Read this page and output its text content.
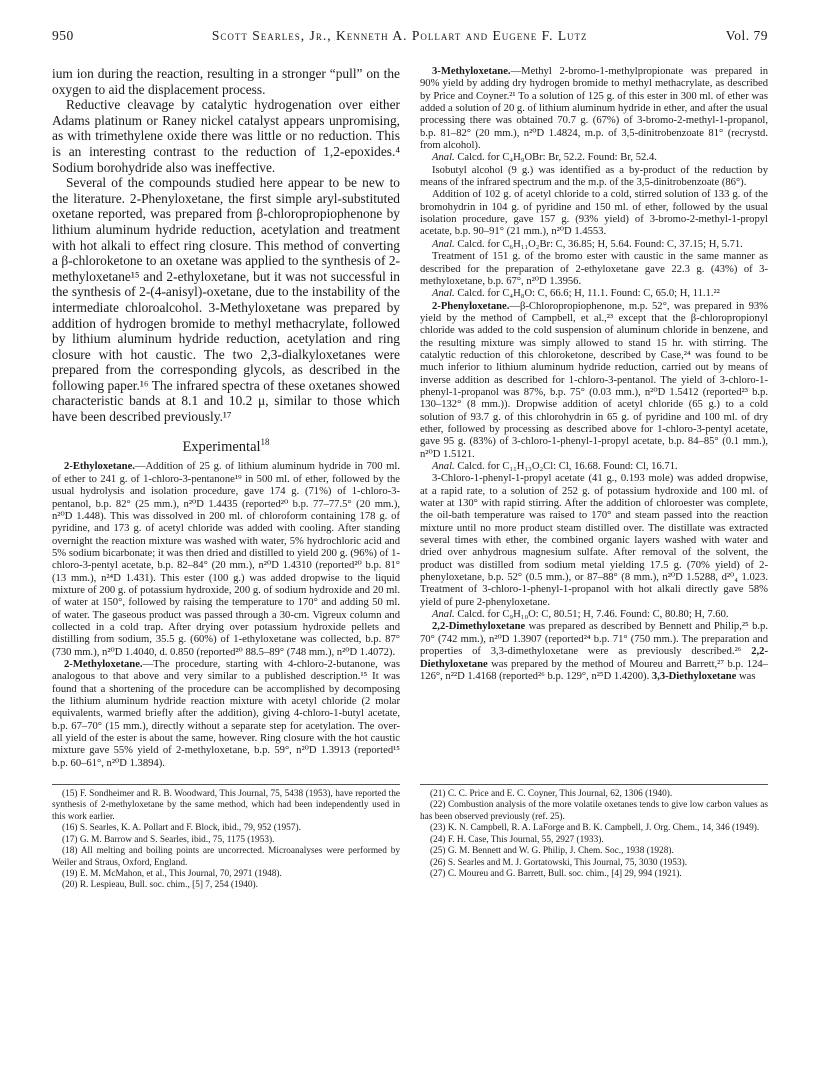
950	Scott Searles, Jr., Kenneth A. Pollart and Eugene F. Lutz	Vol. 79

ium ion during the reaction, resulting in a stronger “pull” on the oxygen to aid the displacement process.

Reductive cleavage by catalytic hydrogenation over either Adams platinum or Raney nickel catalyst appears unpromising, as with trimethylene oxide there was little or no reduction. This is an interesting contrast to the reduction of 1,2-epoxides.⁴ Sodium borohydride also was ineffective.

Several of the compounds studied here appear to be new to the literature. 2-Phenyloxetane, the first simple aryl-substituted oxetane reported, was prepared from β-chloropropiophenone by lithium aluminum hydride reduction, acetylation and treatment with hot alkali to effect ring closure. This method of converting a β-chloroketone to an oxetane was applied to the synthesis of 2-methyloxetane¹⁵ and 2-ethyloxetane, but it was not successful in the synthesis of 2-(4-anisyl)-oxetane, due to the instability of the intermediate chloroalcohol. 3-Methyloxetane was prepared by addition of hydrogen bromide to methyl methacrylate, followed by lithium aluminum hydride reduction, acetylation and ring closure with hot caustic. The two 2,3-dialkyloxetanes were prepared from the corresponding glycols, as described in the following paper.¹⁶ The infrared spectra of these oxetanes showed characteristic bands at 8.1 and 10.2 μ, similar to those which have been described previously.¹⁷

Experimental$^{18}$

2-Ethyloxetane.—Addition of 25 g. of lithium aluminum hydride in 700 ml. of ether to 241 g. of 1-chloro-3-pentanone¹⁹ in 500 ml. of ether, followed by the usual hydrolysis and isolation procedure, gave 174 g. (71%) of 1-chloro-3-pentanol, b.p. 82° (25 mm.), n²⁰D 1.4435 (reported²⁰ b.p. 77–77.5° (20 mm.), n²⁰D 1.448). This was dissolved in 200 ml. of chloroform containing 178 g. of pyridine, and 173 g. of acetyl chloride was added with cooling. After standing overnight the reaction mixture was washed with water, 5% hydrochloric acid and 5% sodium bicarbonate; it was then dried and distilled to yield 200 g. (96%) of 1-chloro-3-pentyl acetate, b.p. 82–84° (20 mm.), n²⁰D 1.4310 (reported²⁰ b.p. 81° (13 mm.), n²⁴D 1.431). This ester (100 g.) was added dropwise to the liquid mixture of 200 g. of potassium hydroxide, 200 g. of sodium hydroxide and 20 ml. of water at 150°, followed by raising the temperature to 170° and adding 50 ml. of water. The gaseous product was passed through a 30-cm. Vigreux column and collected in a cold trap. After drying over potassium hydroxide pellets and distilling from sodium, 35.5 g. (60%) of 1-ethyloxetane was collected, b.p. 87° (730 mm.), n²⁰D 1.4040, d. 0.850 (reported²⁰ 88.5–89° (748 mm.), n²⁰D 1.4072).

2-Methyloxetane.—The procedure, starting with 4-chloro-2-butanone, was analogous to that above and very similar to a published description.¹⁵ It was found that a shortening of the procedure can be accomplished by decomposing the lithium aluminum hydride reaction mixture with acetyl chloride (2 molar equivalents, warmed briefly after the addition), giving 4-chloro-1-butyl acetate, b.p. 67–70° (15 mm.), directly without a separate step for acetylation. The over-all yield of the ester is about the same, however. Ring closure with the hot caustic mixture gave 55% yield of 2-methyloxetane, b.p. 59°, n²⁰D 1.3913 (reported¹⁵ b.p. 60–61°, n²⁰D 1.3894).

3-Methyloxetane.—Methyl 2-bromo-1-methylpropionate was prepared in 90% yield by adding dry hydrogen bromide to methyl methacrylate, as described by Price and Coyner.²¹ To a solution of 125 g. of this ester in 300 ml. of ether was added a solution of 20 g. of lithium aluminum hydride in ether, and after the usual processing there was obtained 70.7 g. (67%) of 3-bromo-2-methyl-1-propanol, b.p. 81–82° (20 mm.), n²⁰D 1.4824, m.p. of 3,5-dinitrobenzoate 81° (recrystd. from alcohol).

Anal. Calcd. for C₄H₉OBr: Br, 52.2. Found: Br, 52.4.

Isobutyl alcohol (9 g.) was identified as a by-product of the reduction by means of the infrared spectrum and the m.p. of the 3,5-dinitrobenzoate (86°).

Addition of 102 g. of acetyl chloride to a cold, stirred solution of 133 g. of the bromohydrin in 104 g. of pyridine and 150 ml. of ether, followed by the usual isolation procedure, gave 157 g. (93% yield) of 3-bromo-2-methyl-1-propyl acetate, b.p. 90–91° (21 mm.), n²⁰D 1.4553.

Anal. Calcd. for C₆H₁₁O₂Br: C, 36.85; H, 5.64. Found: C, 37.15; H, 5.71.

Treatment of 151 g. of the bromo ester with caustic in the same manner as described for the preparation of 2-ethyloxetane gave 22.3 g. (43%) of 3-methyloxetane, b.p. 67°, n²⁰D 1.3956.

Anal. Calcd. for C₄H₈O: C, 66.6; H, 11.1. Found: C, 65.0; H, 11.1.²²

2-Phenyloxetane.—β-Chloropropiophenone, m.p. 52°, was prepared in 93% yield by the method of Campbell, et al.,²³ except that the β-chloropropionyl chloride was added to the cold suspension of aluminum chloride in benzene, and the resulting mixture was simply allowed to stand 15 hr. with stirring. The catalytic reduction of this chloroketone, described by Case,²⁴ was found to be much inferior to lithium aluminum hydride reduction, carried out by means of inverse addition as described for 1-chloro-3-pentanol. The yield of 3-chloro-1-phenyl-1-propanol was 87%, b.p. 75° (0.03 mm.), n²⁰D 1.5412 (reported²³ b.p. 130–132° (8 mm.)). Dropwise addition of acetyl chloride (65 g.) to a cold solution of 93.7 g. of this chlorohydrin in 65 g. of pyridine and 100 ml. of dry ether, followed by processing as described above for 1-chloro-3-pentyl acetate, gave 95 g. (83%) of 3-chloro-1-phenyl-1-propyl acetate, b.p. 84–85° (0.1 mm.), n²⁰D 1.5121.

Anal. Calcd. for C₁₁H₁₃O₂Cl: Cl, 16.68. Found: Cl, 16.71.

3-Chloro-1-phenyl-1-propyl acetate (41 g., 0.193 mole) was added dropwise, at a rapid rate, to a solution of 252 g. of potassium hydroxide and 100 ml. of water at 130° with rapid stirring. After the addition of chloroester was complete, the oil-bath temperature was raised to 170° and steam passed into the reaction mixture until no more product steam distilled over. The distillate was extracted several times with ether, the combined organic layers washed with water and dried over anhydrous magnesium sulfate. After removal of the solvent, the product was distilled from sodium metal yielding 17.5 g. (70% yield) of 2-phenyloxetane, b.p. 52° (0.5 mm.), or 87–88° (8 mm.), n²⁰D 1.5288, d²⁰₄ 1.023. Treatment of 3-chloro-1-phenyl-1-propanol with hot alkali directly gave 58% yield of pure 2-phenyloxetane.

Anal. Calcd. for C₉H₁₀O: C, 80.51; H, 7.46. Found: C, 80.80; H, 7.60.

2,2-Dimethyloxetane was prepared as described by Bennett and Philip,²⁵ b.p. 70° (742 mm.), n²⁰D 1.3907 (reported²⁴ b.p. 71° (750 mm.). The preparation and properties of 3,3-dimethyloxetane were as previously described.²⁶ 2,2-Diethyloxetane was prepared by the method of Moureu and Barrett,²⁷ b.p. 124–126°, n²²D 1.4168 (reported²⁶ b.p. 129°, n²⁵D 1.4200). 3,3-Diethyloxetane was

(15) F. Sondheimer and R. B. Woodward, This Journal, 75, 5438 (1953), have reported the synthesis of 2-methyloxetane by the same method, which had been independently used in this work earlier.
(16) S. Searles, K. A. Pollart and F. Block, ibid., 79, 952 (1957).
(17) G. M. Barrow and S. Searles, ibid., 75, 1175 (1953).
(18) All melting and boiling points are uncorrected. Microanalyses were performed by Weiler and Straus, Oxford, England.
(19) E. M. McMahon, et al., This Journal, 70, 2971 (1948).
(20) R. Lespieau, Bull. soc. chim., [5] 7, 254 (1940).
(21) C. C. Price and E. C. Coyner, This Journal, 62, 1306 (1940).
(22) Combustion analysis of the more volatile oxetanes tends to give low carbon values as has been observed previously (ref. 25).
(23) K. N. Campbell, R. A. LaForge and B. K. Campbell, J. Org. Chem., 14, 346 (1949).
(24) F. H. Case, This Journal, 55, 2927 (1933).
(25) G. M. Bennett and W. G. Philip, J. Chem. Soc., 1938 (1928).
(26) S. Searles and M. J. Gortatowski, This Journal, 75, 3030 (1953).
(27) C. Moureu and G. Barrett, Bull. soc. chim., [4] 29, 994 (1921).
